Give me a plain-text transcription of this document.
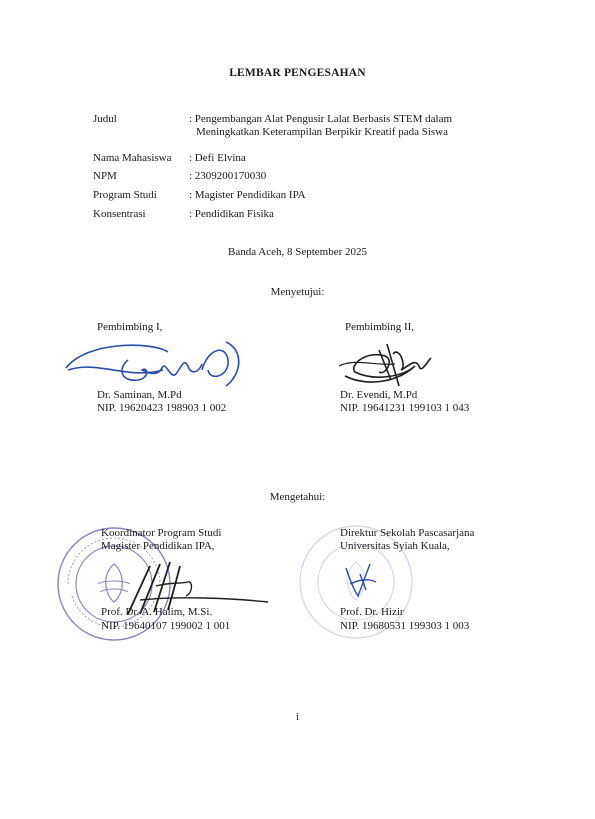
LEMBAR PENGESAHAN
Judul	: Pengembangan Alat Pengusir Lalat Berbasis STEM dalam
Meningkatkan Keterampilan Berpikir Kreatif pada Siswa
Nama Mahasiswa : Defi Elvina
NPM	: 2309200170030
Program Studi	: Magister Pendidikan IPA
Konsentrasi	: Pendidikan Fisika
Banda Aceh, 8 September 2025
Menyetujui:
Pembimbing I,
Dr. Saminan, M.Pd
NIP. 19620423 198903 1 002
Pembimbing II,
Dr. Evendi, M.Pd
NIP. 19641231 199103 1 043
Mengetahui:
Koordinator Program Studi
Magister Pendidikan IPA,
Prof. Dr. A. Halim, M.Si.
NIP. 19640107 199002 1 001
Direktur Sekolah Pascasarjana
Universitas Syiah Kuala,
Prof. Dr. Hizir
NIP. 19680531 199303 1 003
i
